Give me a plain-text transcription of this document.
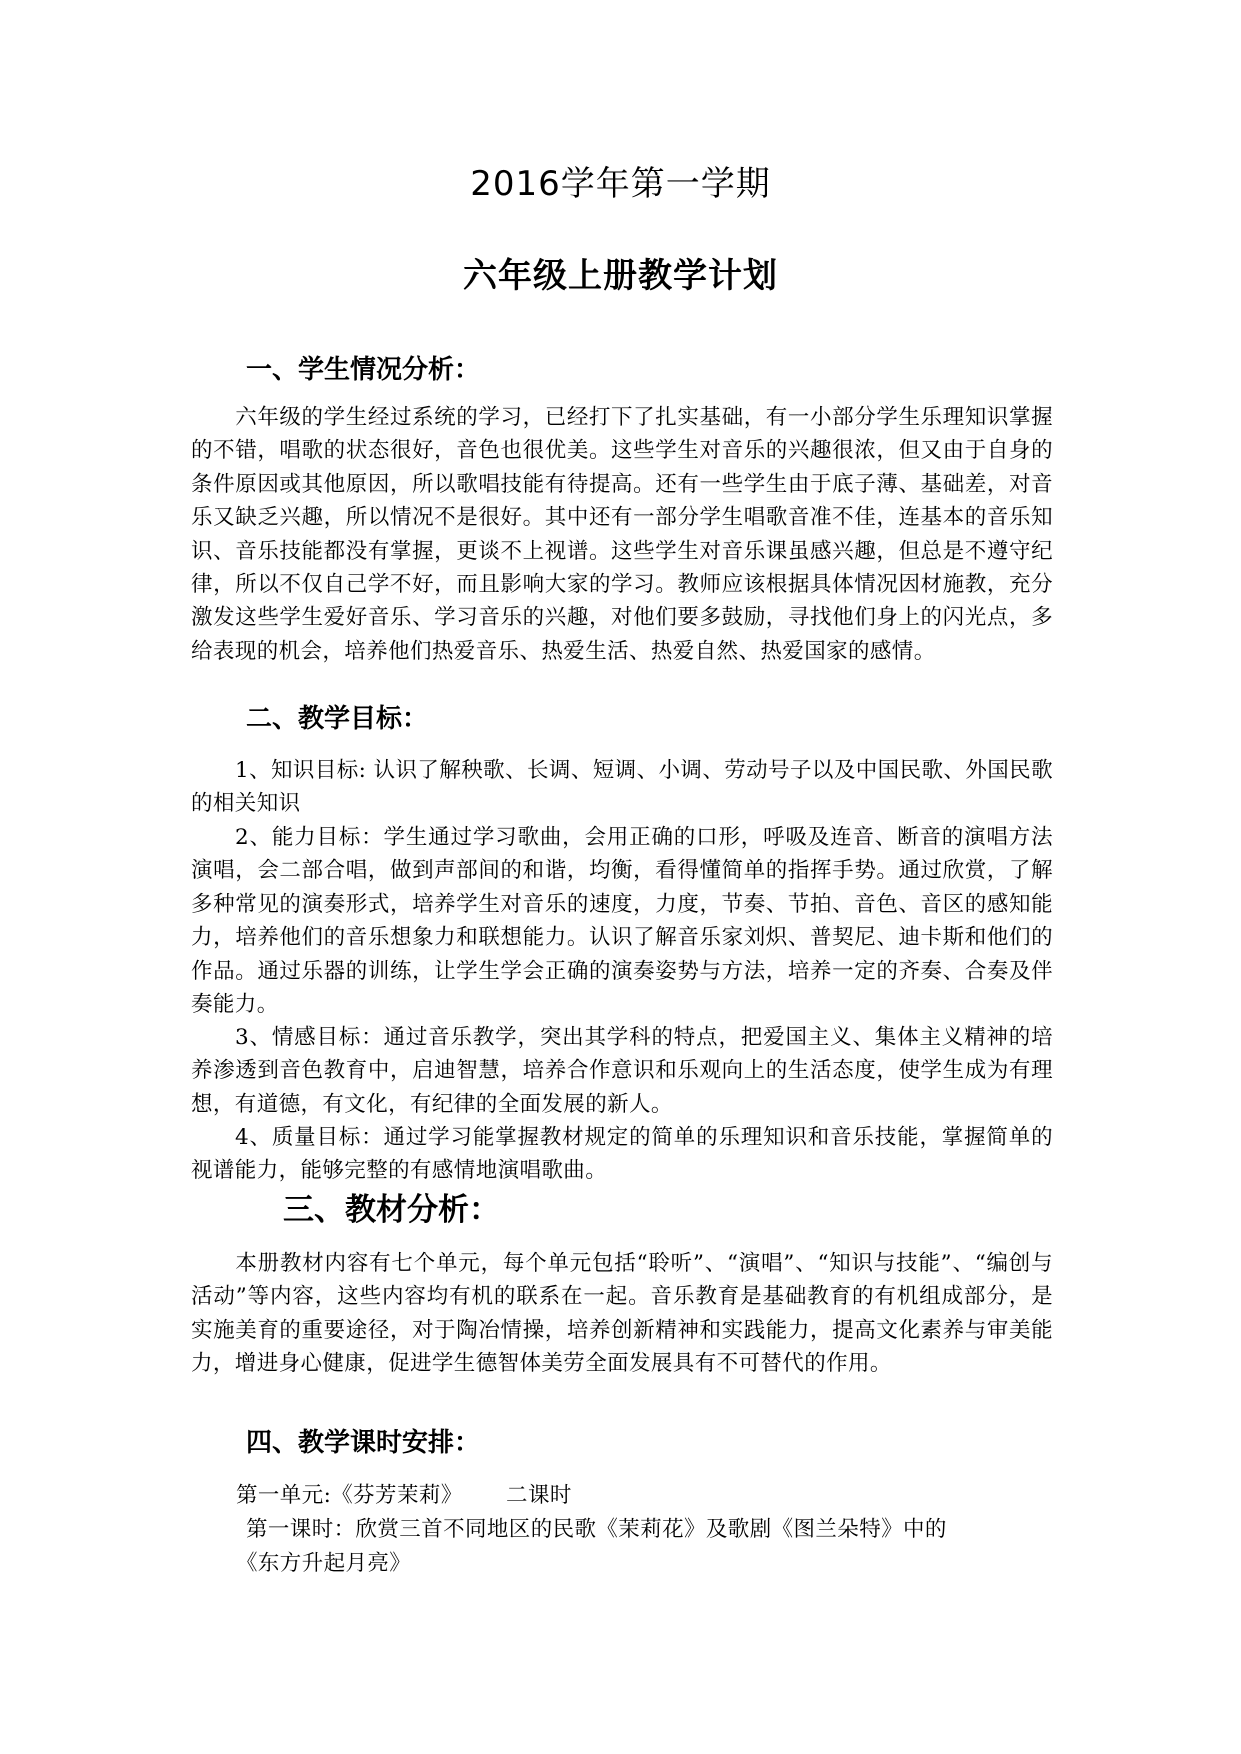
2016学年第一学期
六年级上册教学计划
一、学生情况分析：
六年级的学生经过系统的学习，已经打下了扎实基础，有一小部分学生乐理知识掌握的不错，唱歌的状态很好，音色也很优美。这些学生对音乐的兴趣很浓，但又由于自身的条件原因或其他原因，所以歌唱技能有待提高。还有一些学生由于底子薄、基础差，对音乐又缺乏兴趣，所以情况不是很好。其中还有一部分学生唱歌音准不佳，连基本的音乐知识、音乐技能都没有掌握，更谈不上视谱。这些学生对音乐课虽感兴趣，但总是不遵守纪律，所以不仅自己学不好，而且影响大家的学习。教师应该根据具体情况因材施教，充分激发这些学生爱好音乐、学习音乐的兴趣，对他们要多鼓励，寻找他们身上的闪光点，多给表现的机会，培养他们热爱音乐、热爱生活、热爱自然、热爱国家的感情。
二、教学目标：
1、知识目标: 认识了解秧歌、长调、短调、小调、劳动号子以及中国民歌、外国民歌的相关知识
2、能力目标：学生通过学习歌曲，会用正确的口形，呼吸及连音、断音的演唱方法演唱，会二部合唱，做到声部间的和谐，均衡，看得懂简单的指挥手势。通过欣赏，了解多种常见的演奏形式，培养学生对音乐的速度，力度，节奏、节拍、音色、音区的感知能力，培养他们的音乐想象力和联想能力。认识了解音乐家刘炽、普契尼、迪卡斯和他们的作品。通过乐器的训练，让学生学会正确的演奏姿势与方法，培养一定的齐奏、合奏及伴奏能力。
3、情感目标：通过音乐教学，突出其学科的特点，把爱国主义、集体主义精神的培养渗透到音色教育中，启迪智慧，培养合作意识和乐观向上的生活态度，使学生成为有理想，有道德，有文化，有纪律的全面发展的新人。
4、质量目标：通过学习能掌握教材规定的简单的乐理知识和音乐技能，掌握简单的视谱能力，能够完整的有感情地演唱歌曲。
三、教材分析：
本册教材内容有七个单元，每个单元包括“聆听”、“演唱”、“知识与技能”、“编创与活动”等内容，这些内容均有机的联系在一起。音乐教育是基础教育的有机组成部分，是实施美育的重要途径，对于陶冶情操，培养创新精神和实践能力，提高文化素养与审美能力，增进身心健康，促进学生德智体美劳全面发展具有不可替代的作用。
四、教学课时安排：
第一单元:《芬芳茉莉》      二课时
第一课时：欣赏三首不同地区的民歌《茉莉花》及歌剧《图兰朵特》中的
《东方升起月亮》
